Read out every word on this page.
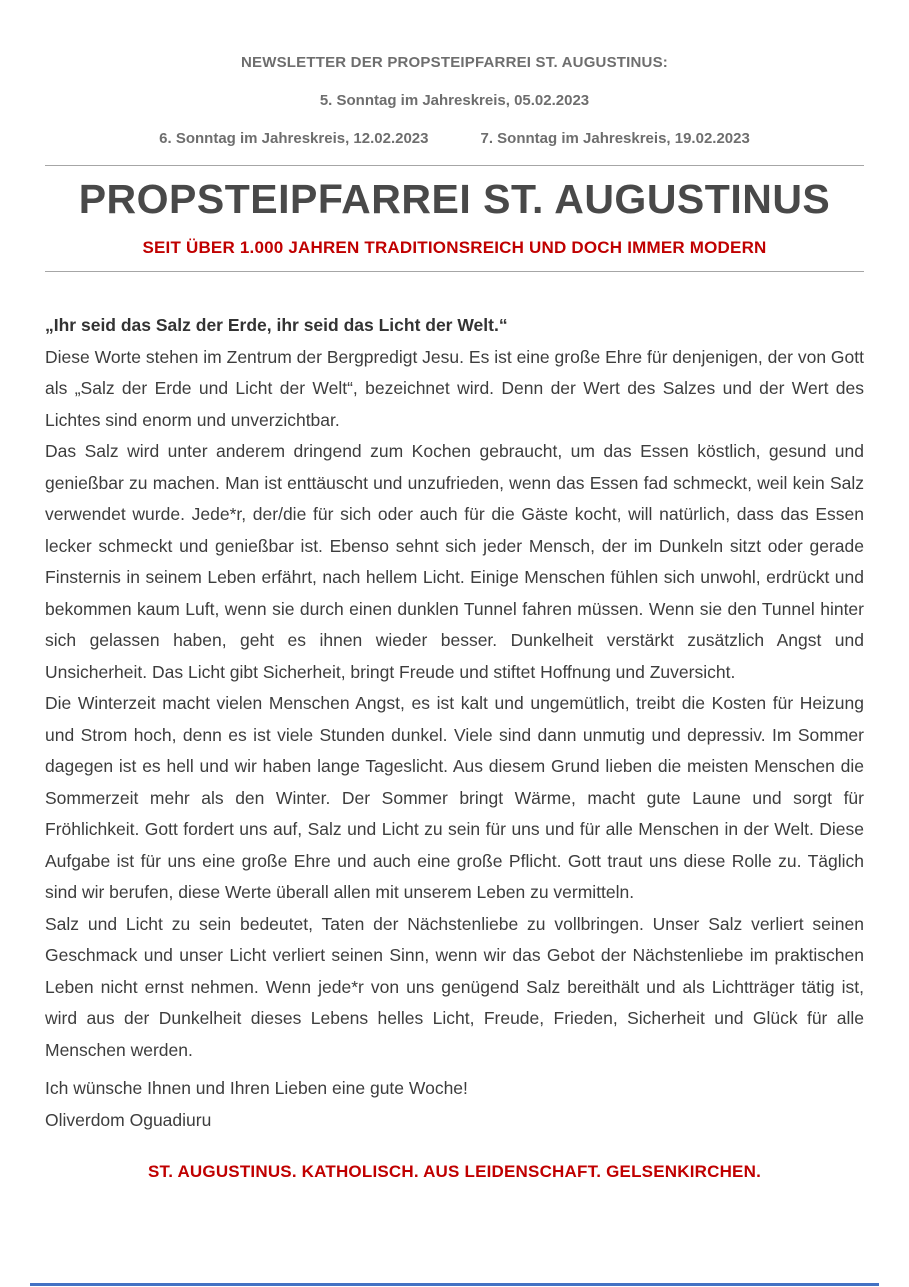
NEWSLETTER DER PROPSTEIPFARREI ST. AUGUSTINUS:
5. Sonntag im Jahreskreis, 05.02.2023
6. Sonntag im Jahreskreis, 12.02.2023	7. Sonntag im Jahreskreis, 19.02.2023
PROPSTEIPFARREI ST. AUGUSTINUS
SEIT ÜBER 1.000 JAHREN TRADITIONSREICH UND DOCH IMMER MODERN

„Ihr seid das Salz der Erde, ihr seid das Licht der Welt.“

Diese Worte stehen im Zentrum der Bergpredigt Jesu. Es ist eine große Ehre für denjenigen, der von Gott als „Salz der Erde und Licht der Welt“, bezeichnet wird. Denn der Wert des Salzes und der Wert des Lichtes sind enorm und unverzichtbar.

Das Salz wird unter anderem dringend zum Kochen gebraucht, um das Essen köstlich, gesund und genießbar zu machen. Man ist enttäuscht und unzufrieden, wenn das Essen fad schmeckt, weil kein Salz verwendet wurde. Jede*r, der/die für sich oder auch für die Gäste kocht, will natürlich, dass das Essen lecker schmeckt und genießbar ist. Ebenso sehnt sich jeder Mensch, der im Dunkeln sitzt oder gerade Finsternis in seinem Leben erfährt, nach hellem Licht. Einige Menschen fühlen sich unwohl, erdrückt und bekommen kaum Luft, wenn sie durch einen dunklen Tunnel fahren müssen. Wenn sie den Tunnel hinter sich gelassen haben, geht es ihnen wieder besser. Dunkelheit verstärkt zusätzlich Angst und Unsicherheit. Das Licht gibt Sicherheit, bringt Freude und stiftet Hoffnung und Zuversicht.

Die Winterzeit macht vielen Menschen Angst, es ist kalt und ungemütlich, treibt die Kosten für Heizung und Strom hoch, denn es ist viele Stunden dunkel. Viele sind dann unmutig und depressiv. Im Sommer dagegen ist es hell und wir haben lange Tageslicht. Aus diesem Grund lieben die meisten Menschen die Sommerzeit mehr als den Winter. Der Sommer bringt Wärme, macht gute Laune und sorgt für Fröhlichkeit. Gott fordert uns auf, Salz und Licht zu sein für uns und für alle Menschen in der Welt. Diese Aufgabe ist für uns eine große Ehre und auch eine große Pflicht. Gott traut uns diese Rolle zu. Täglich sind wir berufen, diese Werte überall allen mit unserem Leben zu vermitteln.

Salz und Licht zu sein bedeutet, Taten der Nächstenliebe zu vollbringen. Unser Salz verliert seinen Geschmack und unser Licht verliert seinen Sinn, wenn wir das Gebot der Nächstenliebe im praktischen Leben nicht ernst nehmen. Wenn jede*r von uns genügend Salz bereithält und als Lichtträger tätig ist, wird aus der Dunkelheit dieses Lebens helles Licht, Freude, Frieden, Sicherheit und Glück für alle Menschen werden.

Ich wünsche Ihnen und Ihren Lieben eine gute Woche!

Oliverdom Oguadiuru

ST. AUGUSTINUS. KATHOLISCH. AUS LEIDENSCHAFT. GELSENKIRCHEN.
